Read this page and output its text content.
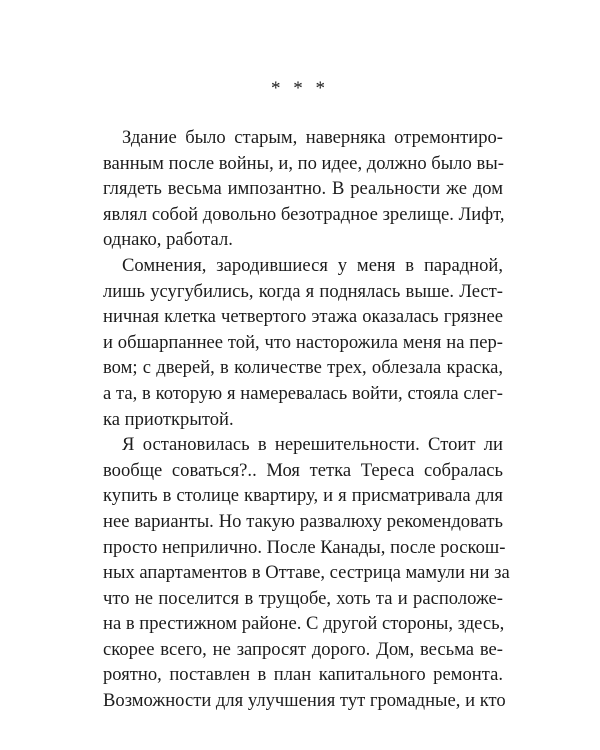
* * *
Здание было старым, наверняка отремонтиро-
ванным после войны, и, по идее, должно было вы-
глядеть весьма импозантно. В реальности же дом
являл собой довольно безотрадное зрелище. Лифт,
однако, работал.
Сомнения, зародившиеся у меня в парадной,
лишь усугубились, когда я поднялась выше. Лест-
ничная клетка четвертого этажа оказалась грязнее
и обшарпаннее той, что насторожила меня на пер-
вом; с дверей, в количестве трех, облезала краска,
а та, в которую я намеревалась войти, стояла слег-
ка приоткрытой.
Я остановилась в нерешительности. Стоит ли
вообще соваться?.. Моя тетка Тереса собралась
купить в столице квартиру, и я присматривала для
нее варианты. Но такую развалюху рекомендовать
просто неприлично. После Канады, после роскош-
ных апартаментов в Оттаве, сестрица мамули ни за
что не поселится в трущобе, хоть та и расположе-
на в престижном районе. С другой стороны, здесь,
скорее всего, не запросят дорого. Дом, весьма ве-
роятно, поставлен в план капитального ремонта.
Возможности для улучшения тут громадные, и кто
